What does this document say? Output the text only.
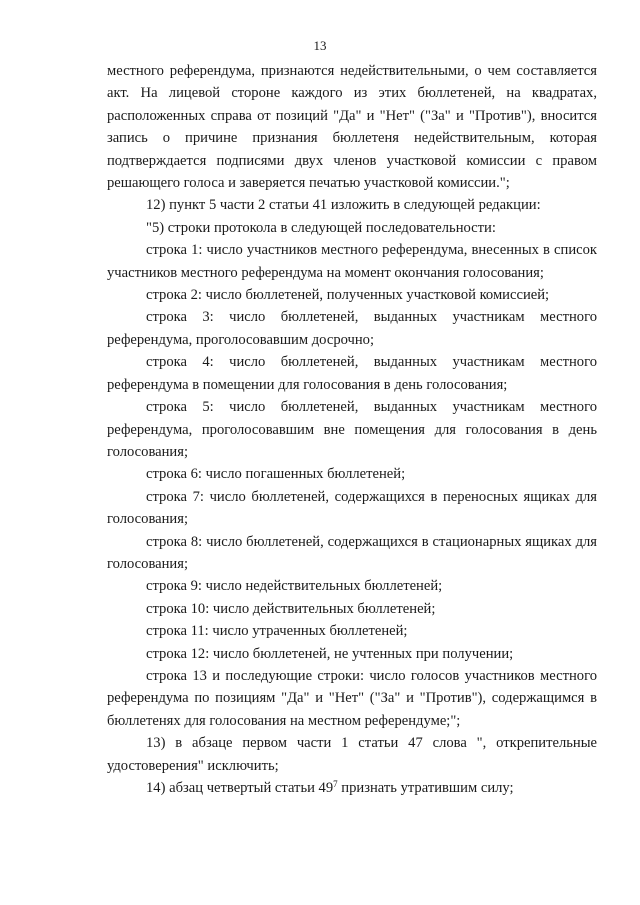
13

местного референдума, признаются недействительными, о чем составляется акт. На лицевой стороне каждого из этих бюллетеней, на квадратах, расположенных справа от позиций "Да" и "Нет" ("За" и "Против"), вносится запись о причине признания бюллетеня недействительным, которая подтверждается подписями двух членов участковой комиссии с правом решающего голоса и заверяется печатью участковой комиссии.";

12) пункт 5 части 2 статьи 41 изложить в следующей редакции:

"5) строки протокола в следующей последовательности:

строка 1: число участников местного референдума, внесенных в список участников местного референдума на момент окончания голосования;

строка 2: число бюллетеней, полученных участковой комиссией;

строка 3: число бюллетеней, выданных участникам местного референдума, проголосовавшим досрочно;

строка 4: число бюллетеней, выданных участникам местного референдума в помещении для голосования в день голосования;

строка 5: число бюллетеней, выданных участникам местного референдума, проголосовавшим вне помещения для голосования в день голосования;

строка 6: число погашенных бюллетеней;

строка 7: число бюллетеней, содержащихся в переносных ящиках для голосования;

строка 8: число бюллетеней, содержащихся в стационарных ящиках для голосования;

строка 9: число недействительных бюллетеней;

строка 10: число действительных бюллетеней;

строка 11: число утраченных бюллетеней;

строка 12: число бюллетеней, не учтенных при получении;

строка 13 и последующие строки: число голосов участников местного референдума по позициям "Да" и "Нет" ("За" и "Против"), содержащимся в бюллетенях для голосования на местном референдуме;";

13) в абзаце первом части 1 статьи 47 слова ", открепительные удостоверения" исключить;

14) абзац четвертый статьи $49^7$ признать утратившим силу;
